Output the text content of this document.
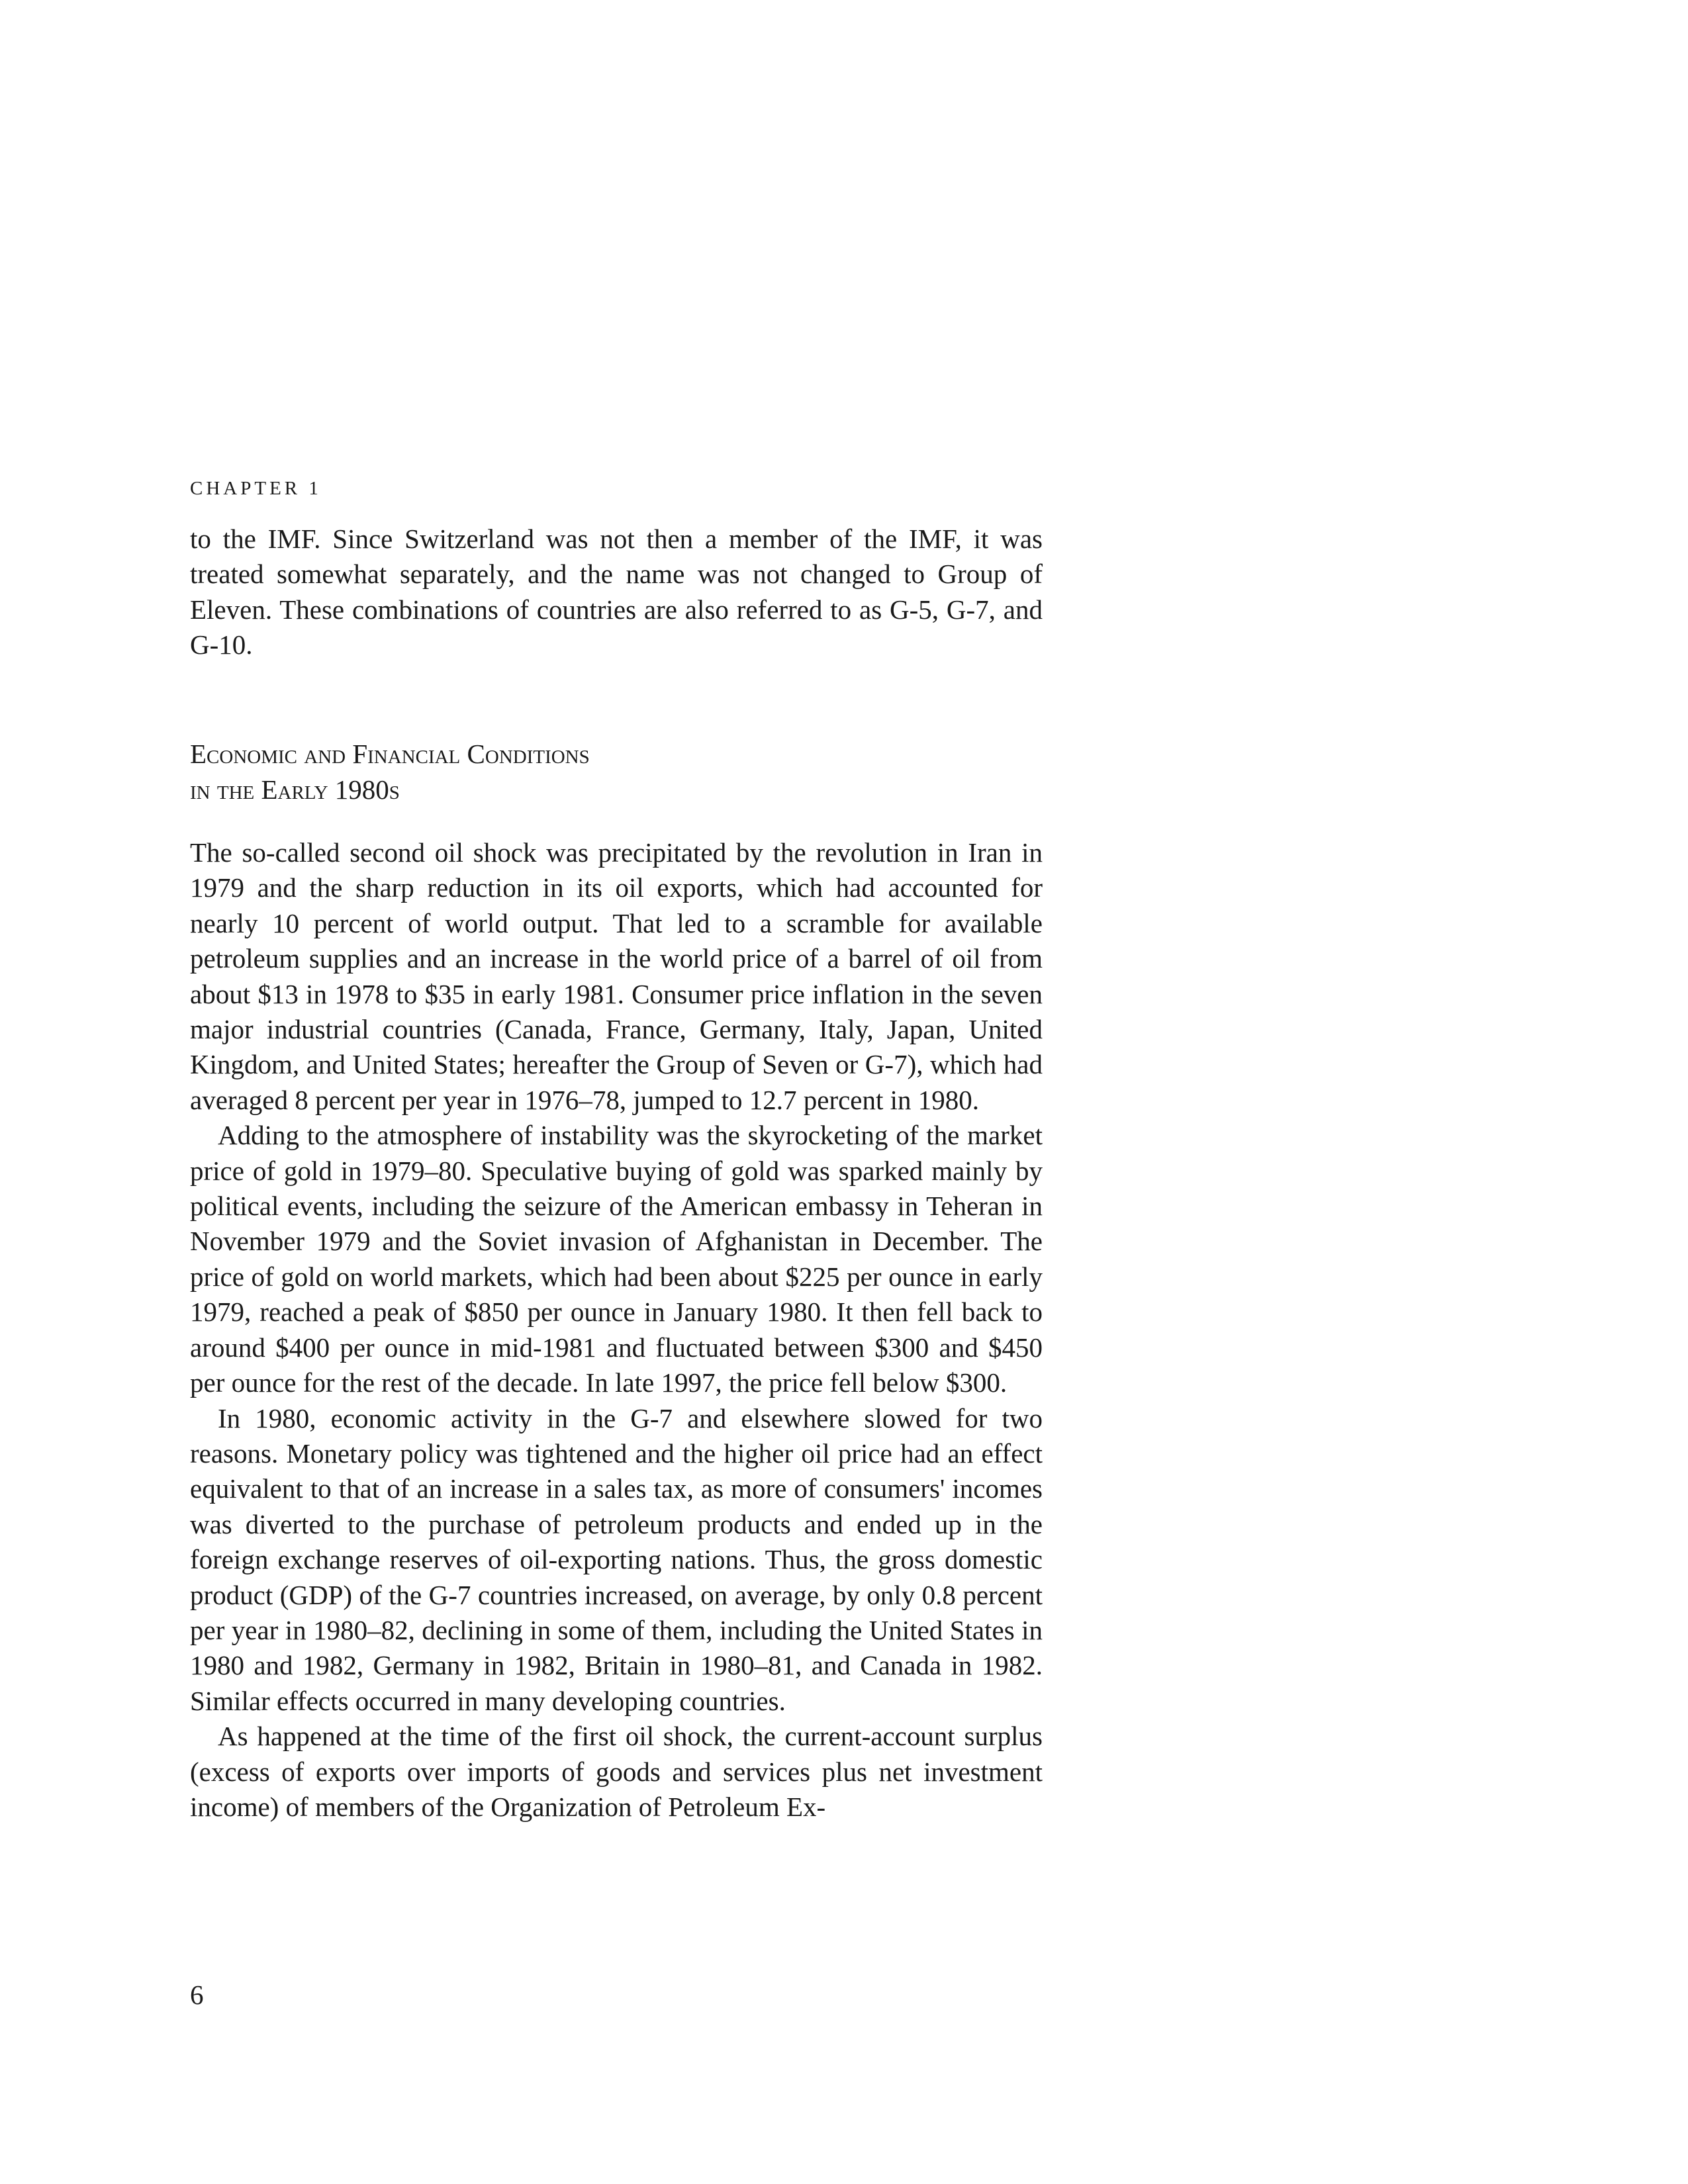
CHAPTER 1

to the IMF. Since Switzerland was not then a member of the IMF, it was treated somewhat separately, and the name was not changed to Group of Eleven. These combinations of countries are also referred to as G-5, G-7, and G-10.

Economic and Financial Conditions
in the Early 1980s

The so-called second oil shock was precipitated by the revolution in Iran in 1979 and the sharp reduction in its oil exports, which had accounted for nearly 10 percent of world output. That led to a scramble for available petroleum supplies and an increase in the world price of a barrel of oil from about $13 in 1978 to $35 in early 1981. Consumer price inflation in the seven major industrial countries (Canada, France, Germany, Italy, Japan, United Kingdom, and United States; hereafter the Group of Seven or G-7), which had averaged 8 percent per year in 1976–78, jumped to 12.7 percent in 1980.

Adding to the atmosphere of instability was the skyrocketing of the market price of gold in 1979–80. Speculative buying of gold was sparked mainly by political events, including the seizure of the American embassy in Teheran in November 1979 and the Soviet invasion of Afghanistan in December. The price of gold on world markets, which had been about $225 per ounce in early 1979, reached a peak of $850 per ounce in January 1980. It then fell back to around $400 per ounce in mid-1981 and fluctuated between $300 and $450 per ounce for the rest of the decade. In late 1997, the price fell below $300.

In 1980, economic activity in the G-7 and elsewhere slowed for two reasons. Monetary policy was tightened and the higher oil price had an effect equivalent to that of an increase in a sales tax, as more of consumers' incomes was diverted to the purchase of petroleum products and ended up in the foreign exchange reserves of oil-exporting nations. Thus, the gross domestic product (GDP) of the G-7 countries increased, on average, by only 0.8 percent per year in 1980–82, declining in some of them, including the United States in 1980 and 1982, Germany in 1982, Britain in 1980–81, and Canada in 1982. Similar effects occurred in many developing countries.

As happened at the time of the first oil shock, the current-account surplus (excess of exports over imports of goods and services plus net investment income) of members of the Organization of Petroleum Ex-

6
